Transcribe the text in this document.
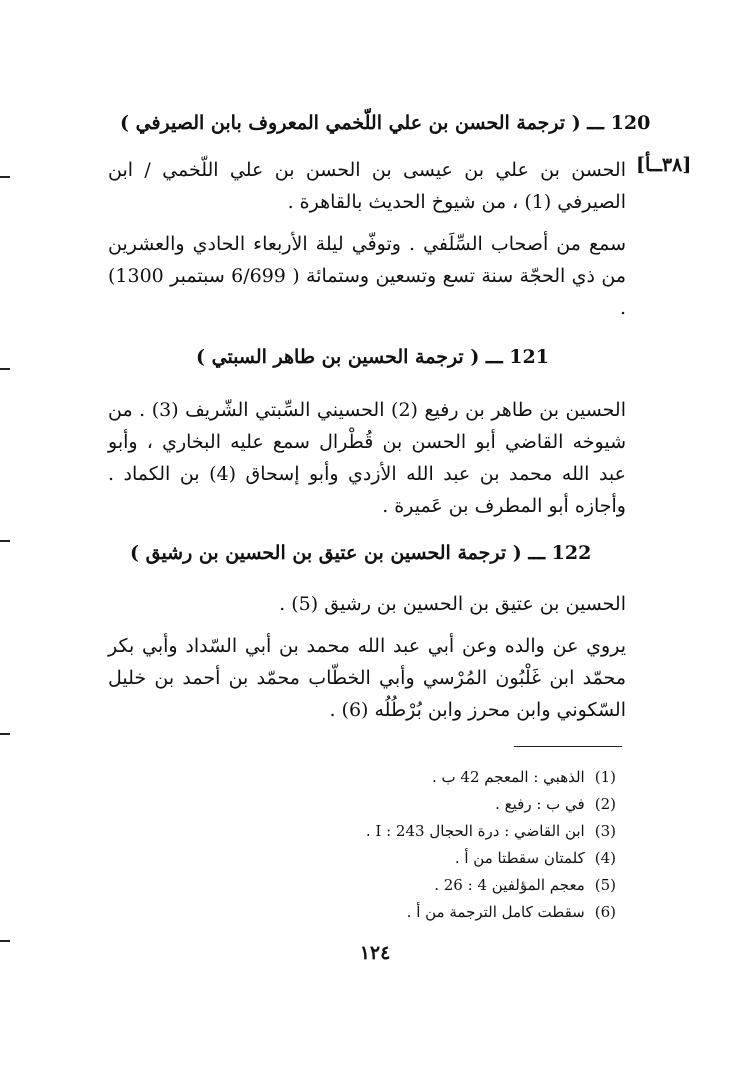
[٣٨ــأ]
120 ـــ ( ترجمة الحسن بن علي اللّخمي المعروف بابن الصيرفي )
الحسن بن علي بن عيسى بن الحسن بن علي اللّخمي / ابن الصيرفي (1) ، من شيوخ الحديث بالقاهرة .
سمع من أصحاب السِّلَفي . وتوفّي ليلة الأربعاء الحادي والعشرين من ذي الحجّة سنة تسع وتسعين وستمائة ( 6/699 سبتمبر 1300) .
121 ـــ ( ترجمة الحسين بن طاهر السبتي )
الحسين بن طاهر بن رفيع (2) الحسيني السِّبتي الشّريف (3) . من شيوخه القاضي أبو الحسن بن قُطْرال سمع عليه البخاري ، وأبو عبد الله محمد بن عبد الله الأزدي وأبو إسحاق (4) بن الكماد . وأجازه أبو المطرف بن عَميرة .
122 ـــ ( ترجمة الحسين بن عتيق بن الحسين بن رشيق )
الحسين بن عتيق بن الحسين بن رشيق (5) .
يروي عن والده وعن أبي عبد الله محمد بن أبي السّداد وأبي بكر محمّد ابن غَلْبُون المُرْسي وأبي الخطّاب محمّد بن أحمد بن خليل السّكوني وابن محرز وابن بُرْطُلُه (6) .
(1)الذهبي : المعجم 42 ب .
(2)في ب : رفيع .
(3)ابن القاضي : درة الحجال I : 243 .
(4)كلمتان سقطتا من أ .
(5)معجم المؤلفين 4 : 26 .
(6)سقطت كامل الترجمة من أ .
١٢٤
